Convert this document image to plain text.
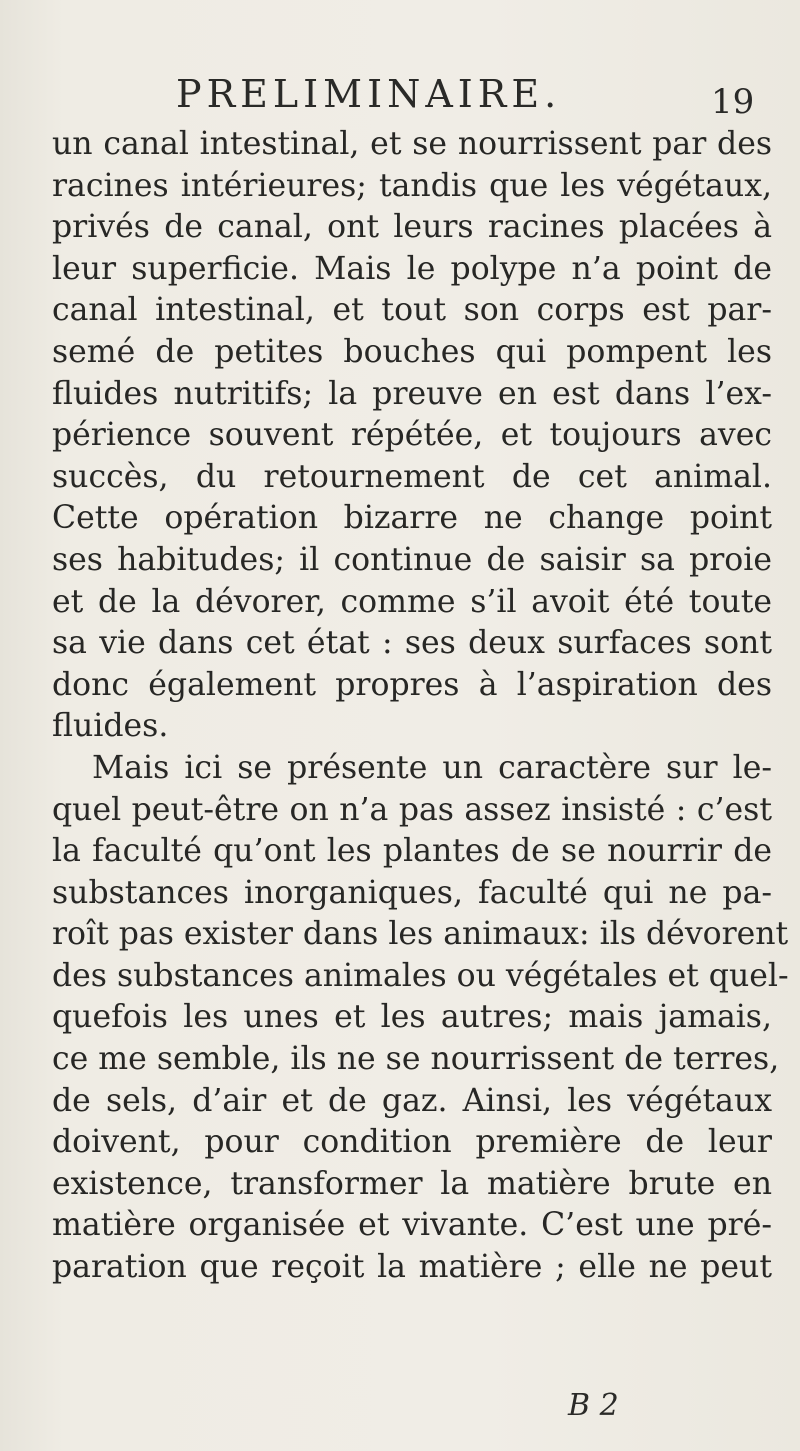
PRELIMINAIRE.	19
un canal intestinal, et se nourrissent par des
racines intérieures; tandis que les végétaux,
privés de canal, ont leurs racines placées à
leur superficie. Mais le polype n’a point de
canal intestinal, et tout son corps est par-
semé de petites bouches qui pompent les
fluides nutritifs; la preuve en est dans l’ex-
périence souvent répétée, et toujours avec
succès, du retournement de cet animal.
Cette opération bizarre ne change point
ses habitudes; il continue de saisir sa proie
et de la dévorer, comme s’il avoit été toute
sa vie dans cet état : ses deux surfaces sont
donc également propres à l’aspiration des
fluides.
Mais ici se présente un caractère sur le-
quel peut-être on n’a pas assez insisté : c’est
la faculté qu’ont les plantes de se nourrir de
substances inorganiques, faculté qui ne pa-
roît pas exister dans les animaux: ils dévorent
des substances animales ou végétales et quel-
quefois les unes et les autres; mais jamais,
ce me semble, ils ne se nourrissent de terres,
de sels, d’air et de gaz. Ainsi, les végétaux
doivent, pour condition première de leur
existence, transformer la matière brute en
matière organisée et vivante. C’est une pré-
paration que reçoit la matière ; elle ne peut
B 2
